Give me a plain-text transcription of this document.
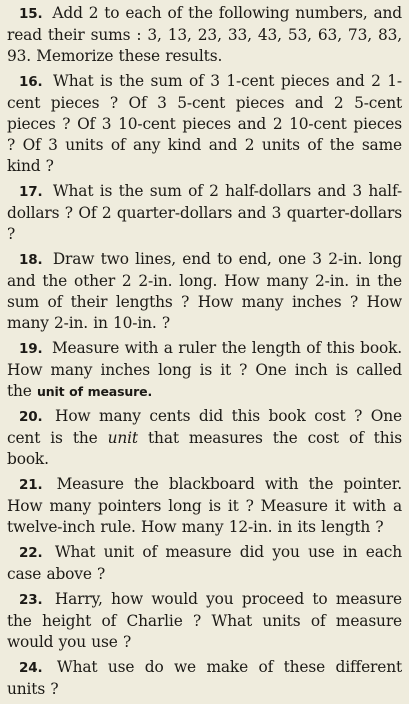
15. Add 2 to each of the following numbers, and read their sums : 3, 13, 23, 33, 43, 53, 63, 73, 83, 93. Memorize these results.

16. What is the sum of 3 1-cent pieces and 2 1-cent pieces ? Of 3 5-cent pieces and 2 5-cent pieces ? Of 3 10-cent pieces and 2 10-cent pieces ? Of 3 units of any kind and 2 units of the same kind ?

17. What is the sum of 2 half-dollars and 3 half-dollars ? Of 2 quarter-dollars and 3 quarter-dollars ?

18. Draw two lines, end to end, one 3 2-in. long and the other 2 2-in. long. How many 2-in. in the sum of their lengths ? How many inches ? How many 2-in. in 10-in. ?

19. Measure with a ruler the length of this book. How many inches long is it ? One inch is called the unit of measure.

20. How many cents did this book cost ? One cent is the unit that measures the cost of this book.

21. Measure the blackboard with the pointer. How many pointers long is it ? Measure it with a twelve-inch rule. How many 12-in. in its length ?

22. What unit of measure did you use in each case above ?

23. Harry, how would you proceed to measure the height of Charlie ? What units of measure would you use ?

24. What use do we make of these different units ?
